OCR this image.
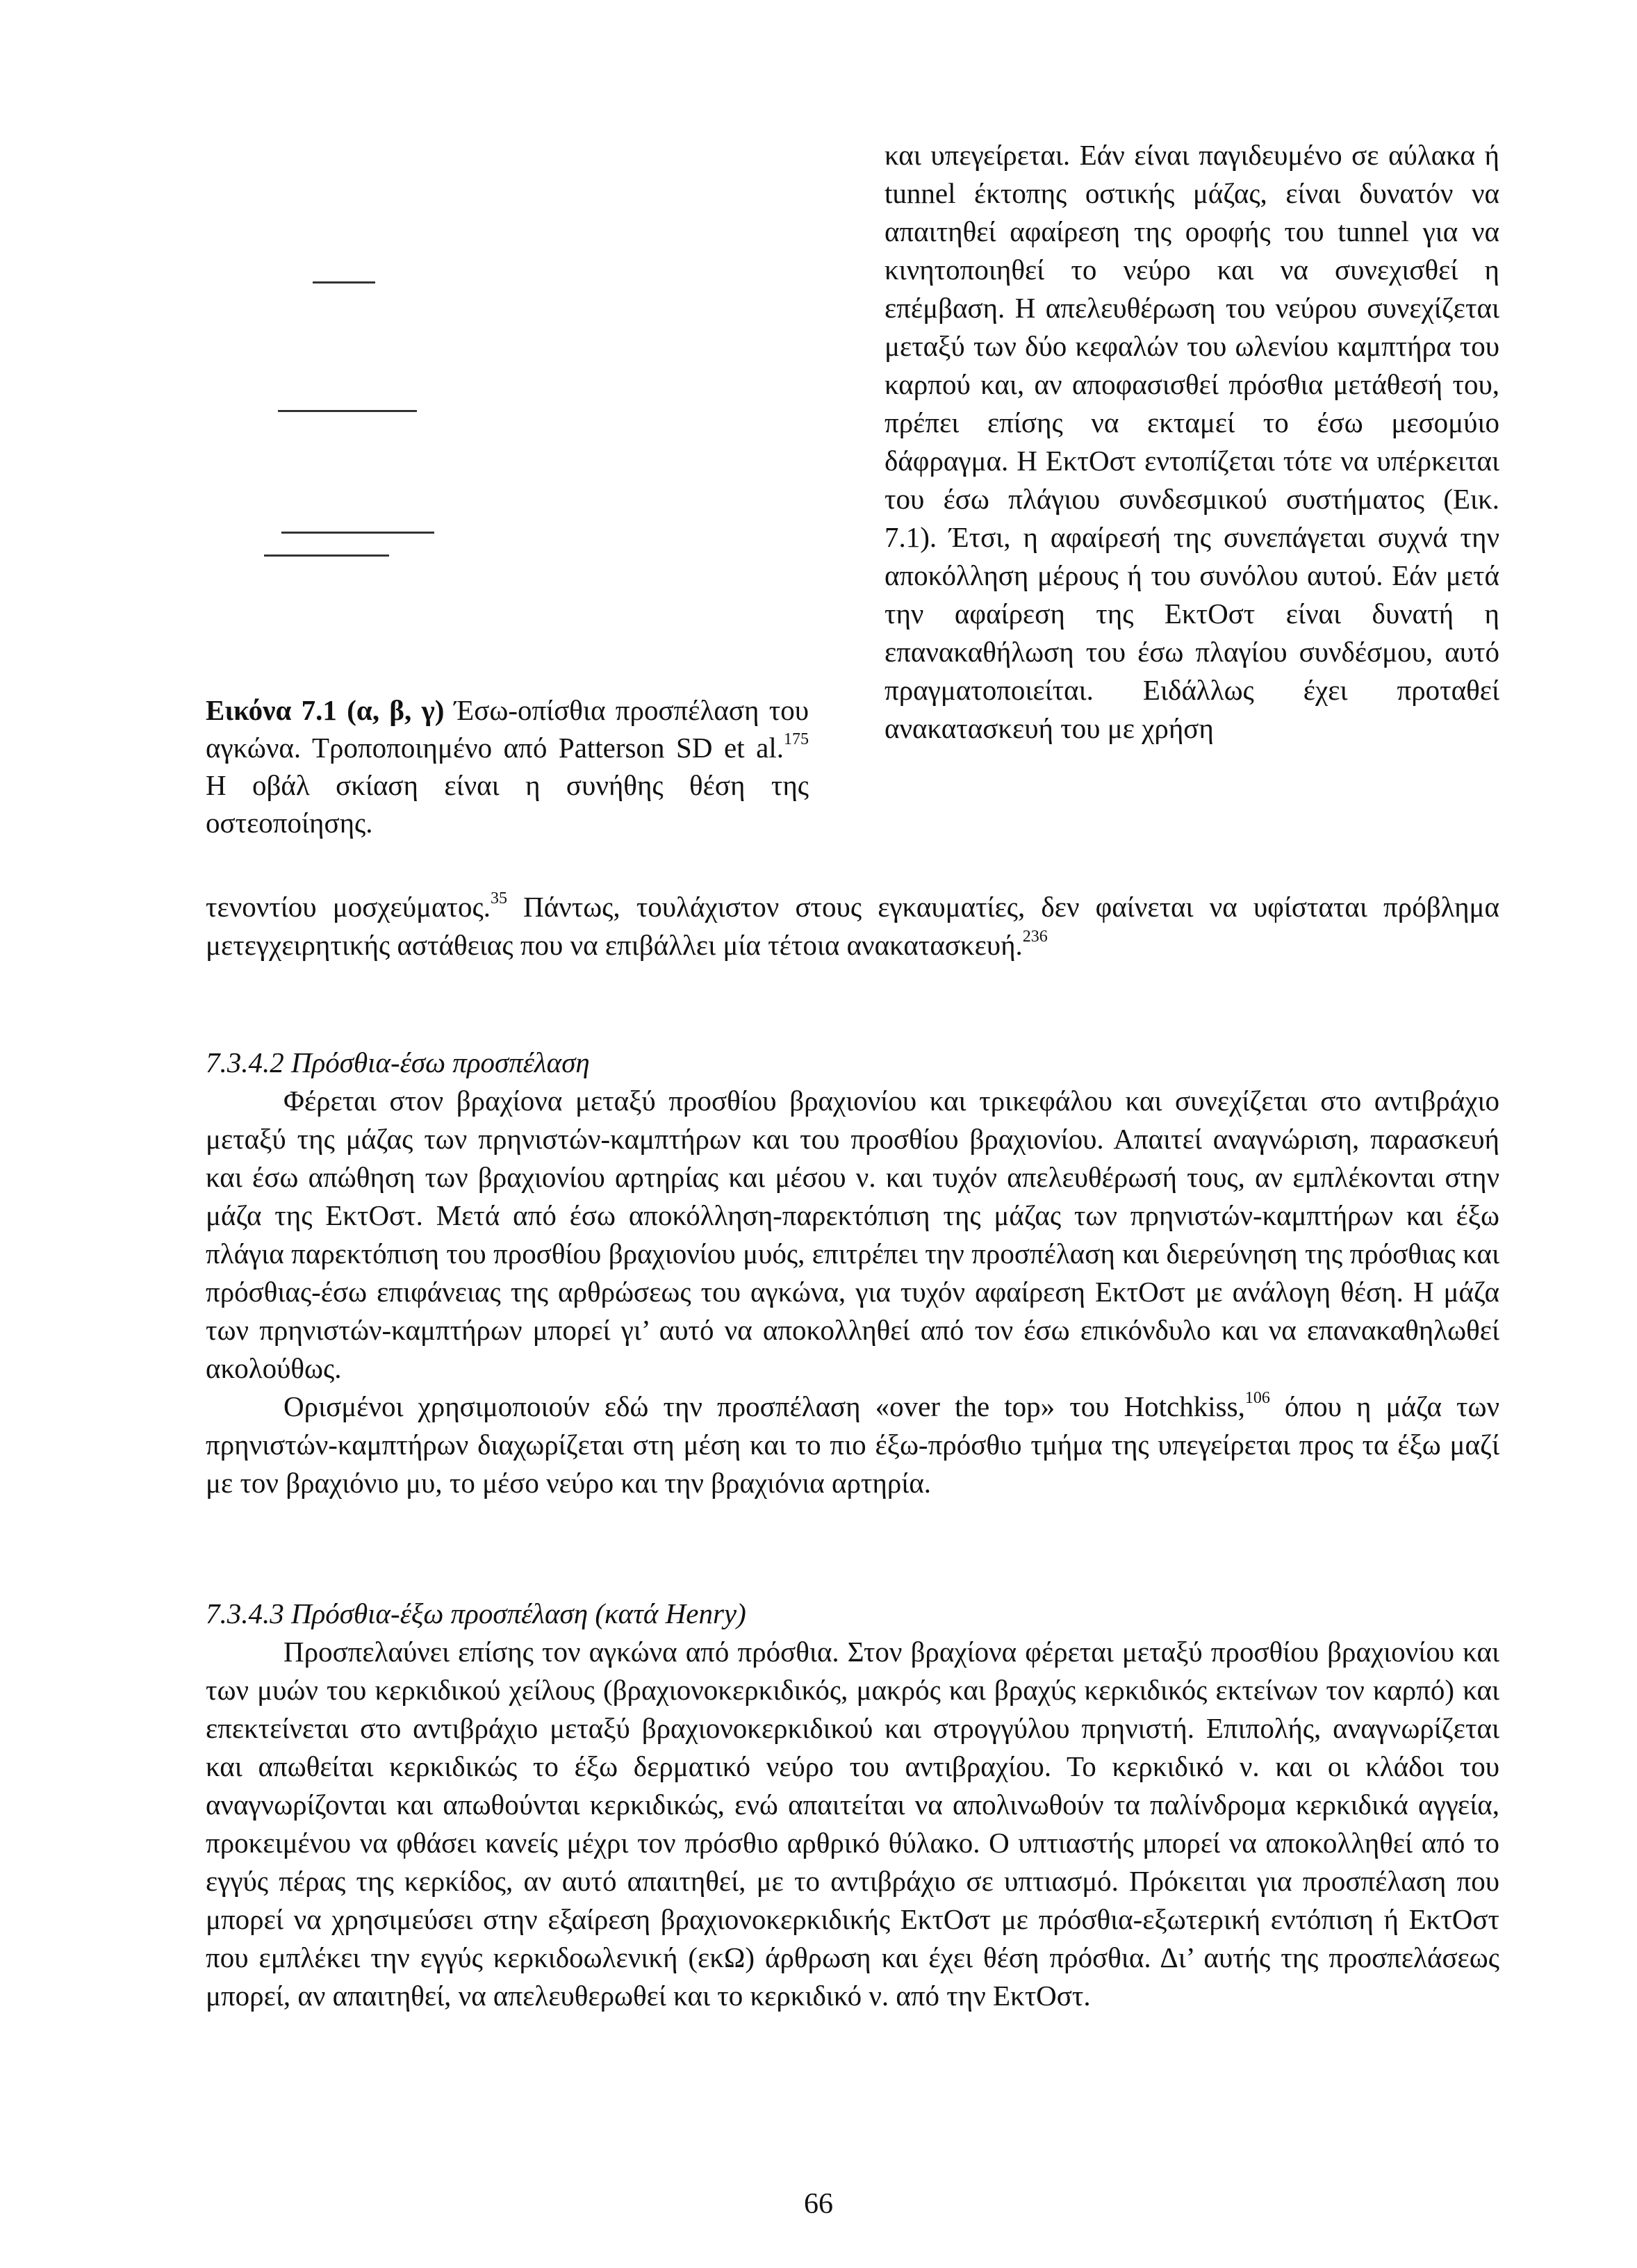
Εικόνα 7.1 (α, β, γ) Έσω-οπίσθια προσπέλαση του αγκώνα. Τροποποιημένο από Patterson SD et al.$^{175}$ Η οβάλ σκίαση είναι η συνήθης θέση της οστεοποίησης.

και υπεγείρεται. Εάν είναι παγιδευμένο σε αύλακα ή tunnel έκτοπης οστικής μάζας, είναι δυνατόν να απαιτηθεί αφαίρεση της οροφής του tunnel για να κινητοποιηθεί το νεύρο και να συνεχισθεί η επέμβαση. Η απελευθέρωση του νεύρου συνεχίζεται μεταξύ των δύο κεφαλών του ωλενίου καμπτήρα του καρπού και, αν αποφασισθεί πρόσθια μετάθεσή του, πρέπει επίσης να εκταμεί το έσω μεσομύιο δάφραγμα. Η ΕκτΟστ εντοπίζεται τότε να υπέρκειται του έσω πλάγιου συνδεσμικού συστήματος (Εικ. 7.1). Έτσι, η αφαίρεσή της συνεπάγεται συχνά την αποκόλληση μέρους ή του συνόλου αυτού. Εάν μετά την αφαίρεση της ΕκτΟστ είναι δυνατή η επανακαθήλωση του έσω πλαγίου συνδέσμου, αυτό πραγματοποιείται. Ειδάλλως έχει προταθεί ανακατασκευή του με χρήση

τενοντίου μοσχεύματος.$^{35}$ Πάντως, τουλάχιστον στους εγκαυματίες, δεν φαίνεται να υφίσταται πρόβλημα μετεγχειρητικής αστάθειας που να επιβάλλει μία τέτοια ανακατασκευή.$^{236}$

7.3.4.2 Πρόσθια-έσω προσπέλαση

Φέρεται στον βραχίονα μεταξύ προσθίου βραχιονίου και τρικεφάλου και συνεχίζεται στο αντιβράχιο μεταξύ της μάζας των πρηνιστών-καμπτήρων και του προσθίου βραχιονίου. Απαιτεί αναγνώριση, παρασκευή και έσω απώθηση των βραχιονίου αρτηρίας και μέσου ν. και τυχόν απελευθέρωσή τους, αν εμπλέκονται στην μάζα της ΕκτΟστ. Μετά από έσω αποκόλληση-παρεκτόπιση της μάζας των πρηνιστών-καμπτήρων και έξω πλάγια παρεκτόπιση του προσθίου βραχιονίου μυός, επιτρέπει την προσπέλαση και διερεύνηση της πρόσθιας και πρόσθιας-έσω επιφάνειας της αρθρώσεως του αγκώνα, για τυχόν αφαίρεση ΕκτΟστ με ανάλογη θέση. Η μάζα των πρηνιστών-καμπτήρων μπορεί γι’ αυτό να αποκολληθεί από τον έσω επικόνδυλο και να επανακαθηλωθεί ακολούθως.

Ορισμένοι χρησιμοποιούν εδώ την προσπέλαση «over the top» του Hotchkiss,$^{106}$ όπου η μάζα των πρηνιστών-καμπτήρων διαχωρίζεται στη μέση και το πιο έξω-πρόσθιο τμήμα της υπεγείρεται προς τα έξω μαζί με τον βραχιόνιο μυ, το μέσο νεύρο και την βραχιόνια αρτηρία.

7.3.4.3 Πρόσθια-έξω προσπέλαση (κατά Henry)

Προσπελαύνει επίσης τον αγκώνα από πρόσθια. Στον βραχίονα φέρεται μεταξύ προσθίου βραχιονίου και των μυών του κερκιδικού χείλους (βραχιονοκερκιδικός, μακρός και βραχύς κερκιδικός εκτείνων τον καρπό) και επεκτείνεται στο αντιβράχιο μεταξύ βραχιονοκερκιδικού και στρογγύλου πρηνιστή. Επιπολής, αναγνωρίζεται και απωθείται κερκιδικώς το έξω δερματικό νεύρο του αντιβραχίου. Το κερκιδικό ν. και οι κλάδοι του αναγνωρίζονται και απωθούνται κερκιδικώς, ενώ απαιτείται να απολινωθούν τα παλίνδρομα κερκιδικά αγγεία, προκειμένου να φθάσει κανείς μέχρι τον πρόσθιο αρθρικό θύλακο. Ο υπτιαστής μπορεί να αποκολληθεί από το εγγύς πέρας της κερκίδος, αν αυτό απαιτηθεί, με το αντιβράχιο σε υπτιασμό. Πρόκειται για προσπέλαση που μπορεί να χρησιμεύσει στην εξαίρεση βραχιονοκερκιδικής ΕκτΟστ με πρόσθια-εξωτερική εντόπιση ή ΕκτΟστ που εμπλέκει την εγγύς κερκιδοωλενική (εκΩ) άρθρωση και έχει θέση πρόσθια. Δι’ αυτής της προσπελάσεως μπορεί, αν απαιτηθεί, να απελευθερωθεί και το κερκιδικό ν. από την ΕκτΟστ.

66
